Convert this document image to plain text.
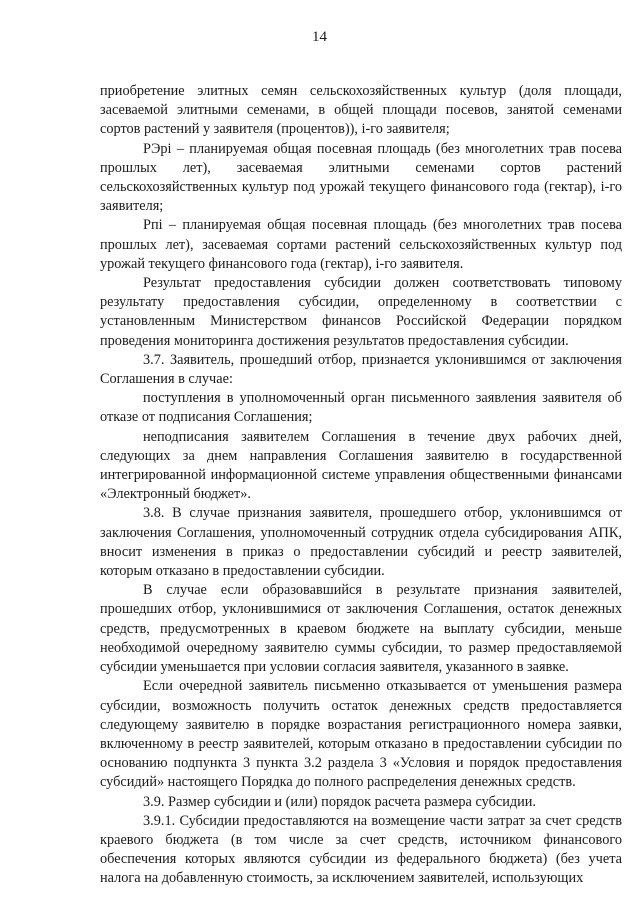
14

приобретение элитных семян сельскохозяйственных культур (доля площади, засеваемой элитными семенами, в общей площади посевов, занятой семенами сортов растений у заявителя (процентов)), i-го заявителя;

РЭрi – планируемая общая посевная площадь (без многолетних трав посева прошлых лет), засеваемая элитными семенами сортов растений сельскохозяйственных культур под урожай текущего финансового года (гектар), i-го заявителя;

Рпi – планируемая общая посевная площадь (без многолетних трав посева прошлых лет), засеваемая сортами растений сельскохозяйственных культур под урожай текущего финансового года (гектар), i-го заявителя.

Результат предоставления субсидии должен соответствовать типовому результату предоставления субсидии, определенному в соответствии с установленным Министерством финансов Российской Федерации порядком проведения мониторинга достижения результатов предоставления субсидии.

3.7. Заявитель, прошедший отбор, признается уклонившимся от заключения Соглашения в случае:

поступления в уполномоченный орган письменного заявления заявителя об отказе от подписания Соглашения;

неподписания заявителем Соглашения в течение двух рабочих дней, следующих за днем направления Соглашения заявителю в государственной интегрированной информационной системе управления общественными финансами «Электронный бюджет».

3.8. В случае признания заявителя, прошедшего отбор, уклонившимся от заключения Соглашения, уполномоченный сотрудник отдела субсидирования АПК, вносит изменения в приказ о предоставлении субсидий и реестр заявителей, которым отказано в предоставлении субсидии.

В случае если образовавшийся в результате признания заявителей, прошедших отбор, уклонившимися от заключения Соглашения, остаток денежных средств, предусмотренных в краевом бюджете на выплату субсидии, меньше необходимой очередному заявителю суммы субсидии, то размер предоставляемой субсидии уменьшается при условии согласия заявителя, указанного в заявке.

Если очередной заявитель письменно отказывается от уменьшения размера субсидии, возможность получить остаток денежных средств предоставляется следующему заявителю в порядке возрастания регистрационного номера заявки, включенному в реестр заявителей, которым отказано в предоставлении субсидии по основанию подпункта 3 пункта 3.2 раздела 3 «Условия и порядок предоставления субсидий» настоящего Порядка до полного распределения денежных средств.

3.9. Размер субсидии и (или) порядок расчета размера субсидии.

3.9.1. Субсидии предоставляются на возмещение части затрат за счет средств краевого бюджета (в том числе за счет средств, источником финансового обеспечения которых являются субсидии из федерального бюджета) (без учета налога на добавленную стоимость, за исключением заявителей, использующих
